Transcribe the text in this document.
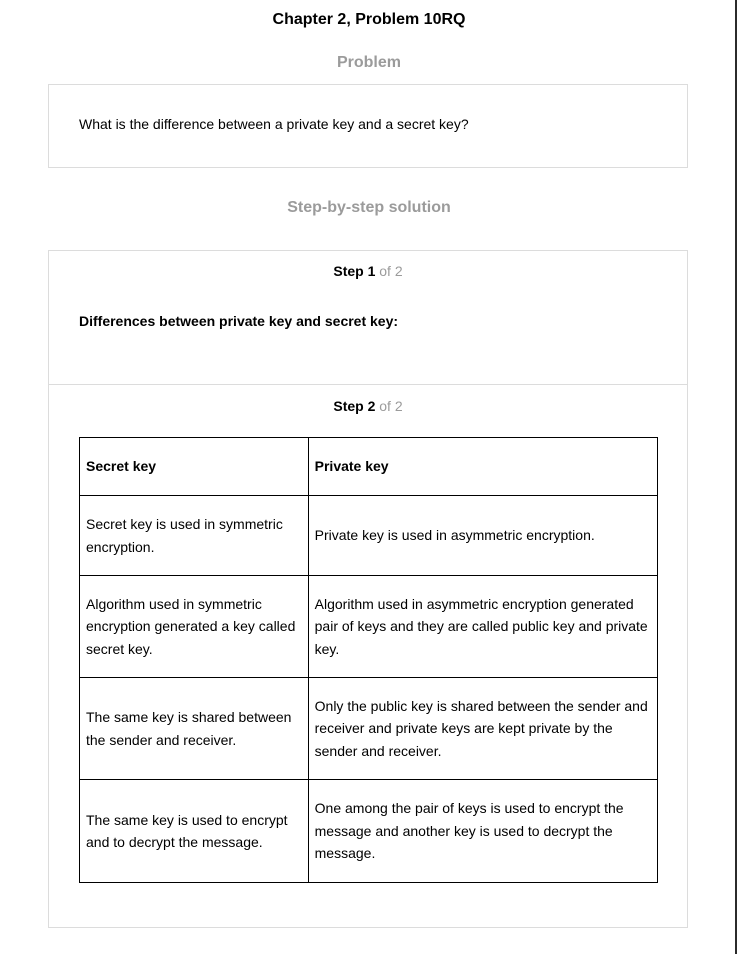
Chapter 2, Problem 10RQ
Problem
What is the difference between a private key and a secret key?
Step-by-step solution
Step 1 of 2
Differences between private key and secret key:
Step 2 of 2
Secret key	Private key
Secret key is used in symmetric encryption.	Private key is used in asymmetric encryption.
Algorithm used in symmetric encryption generated a key called secret key.	Algorithm used in asymmetric encryption generated pair of keys and they are called public key and private key.
The same key is shared between the sender and receiver.	Only the public key is shared between the sender and receiver and private keys are kept private by the sender and receiver.
The same key is used to encrypt and to decrypt the message.	One among the pair of keys is used to encrypt the message and another key is used to decrypt the message.
